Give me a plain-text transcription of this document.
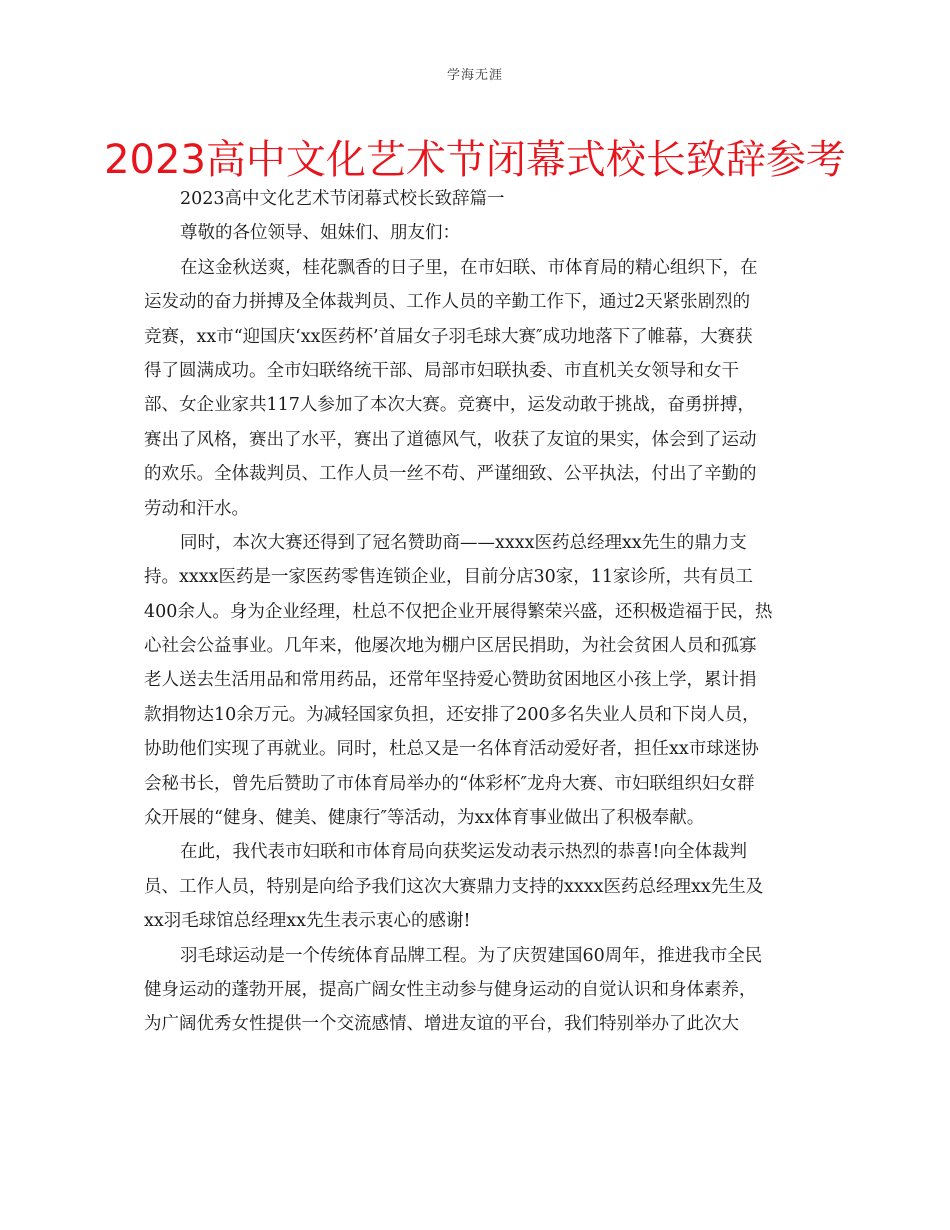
学海无涯
2023高中文化艺术节闭幕式校长致辞参考
2023高中文化艺术节闭幕式校长致辞篇一
尊敬的各位领导、姐妹们、朋友们：
在这金秋送爽，桂花飘香的日子里，在市妇联、市体育局的精心组织下，在
运发动的奋力拼搏及全体裁判员、工作人员的辛勤工作下，通过2天紧张剧烈的
竞赛，xx市“迎国庆‘xx医药杯’首届女子羽毛球大赛″成功地落下了帷幕，大赛获
得了圆满成功。全市妇联络统干部、局部市妇联执委、市直机关女领导和女干
部、女企业家共117人参加了本次大赛。竞赛中，运发动敢于挑战，奋勇拼搏，
赛出了风格，赛出了水平，赛出了道德风气，收获了友谊的果实，体会到了运动
的欢乐。全体裁判员、工作人员一丝不苟、严谨细致、公平执法，付出了辛勤的
劳动和汗水。
同时，本次大赛还得到了冠名赞助商——xxxx医药总经理xx先生的鼎力支
持。xxxx医药是一家医药零售连锁企业，目前分店30家，11家诊所，共有员工
400余人。身为企业经理，杜总不仅把企业开展得繁荣兴盛，还积极造福于民，热
心社会公益事业。几年来，他屡次地为棚户区居民捐助，为社会贫困人员和孤寡
老人送去生活用品和常用药品，还常年坚持爱心赞助贫困地区小孩上学，累计捐
款捐物达10余万元。为减轻国家负担，还安排了200多名失业人员和下岗人员，
协助他们实现了再就业。同时，杜总又是一名体育活动爱好者，担任xx市球迷协
会秘书长，曾先后赞助了市体育局举办的“体彩杯″龙舟大赛、市妇联组织妇女群
众开展的“健身、健美、健康行″等活动，为xx体育事业做出了积极奉献。
在此，我代表市妇联和市体育局向获奖运发动表示热烈的恭喜!向全体裁判
员、工作人员，特别是向给予我们这次大赛鼎力支持的xxxx医药总经理xx先生及
xx羽毛球馆总经理xx先生表示衷心的感谢!
羽毛球运动是一个传统体育品牌工程。为了庆贺建国60周年，推进我市全民
健身运动的蓬勃开展，提高广阔女性主动参与健身运动的自觉认识和身体素养，
为广阔优秀女性提供一个交流感情、增进友谊的平台，我们特别举办了此次大
